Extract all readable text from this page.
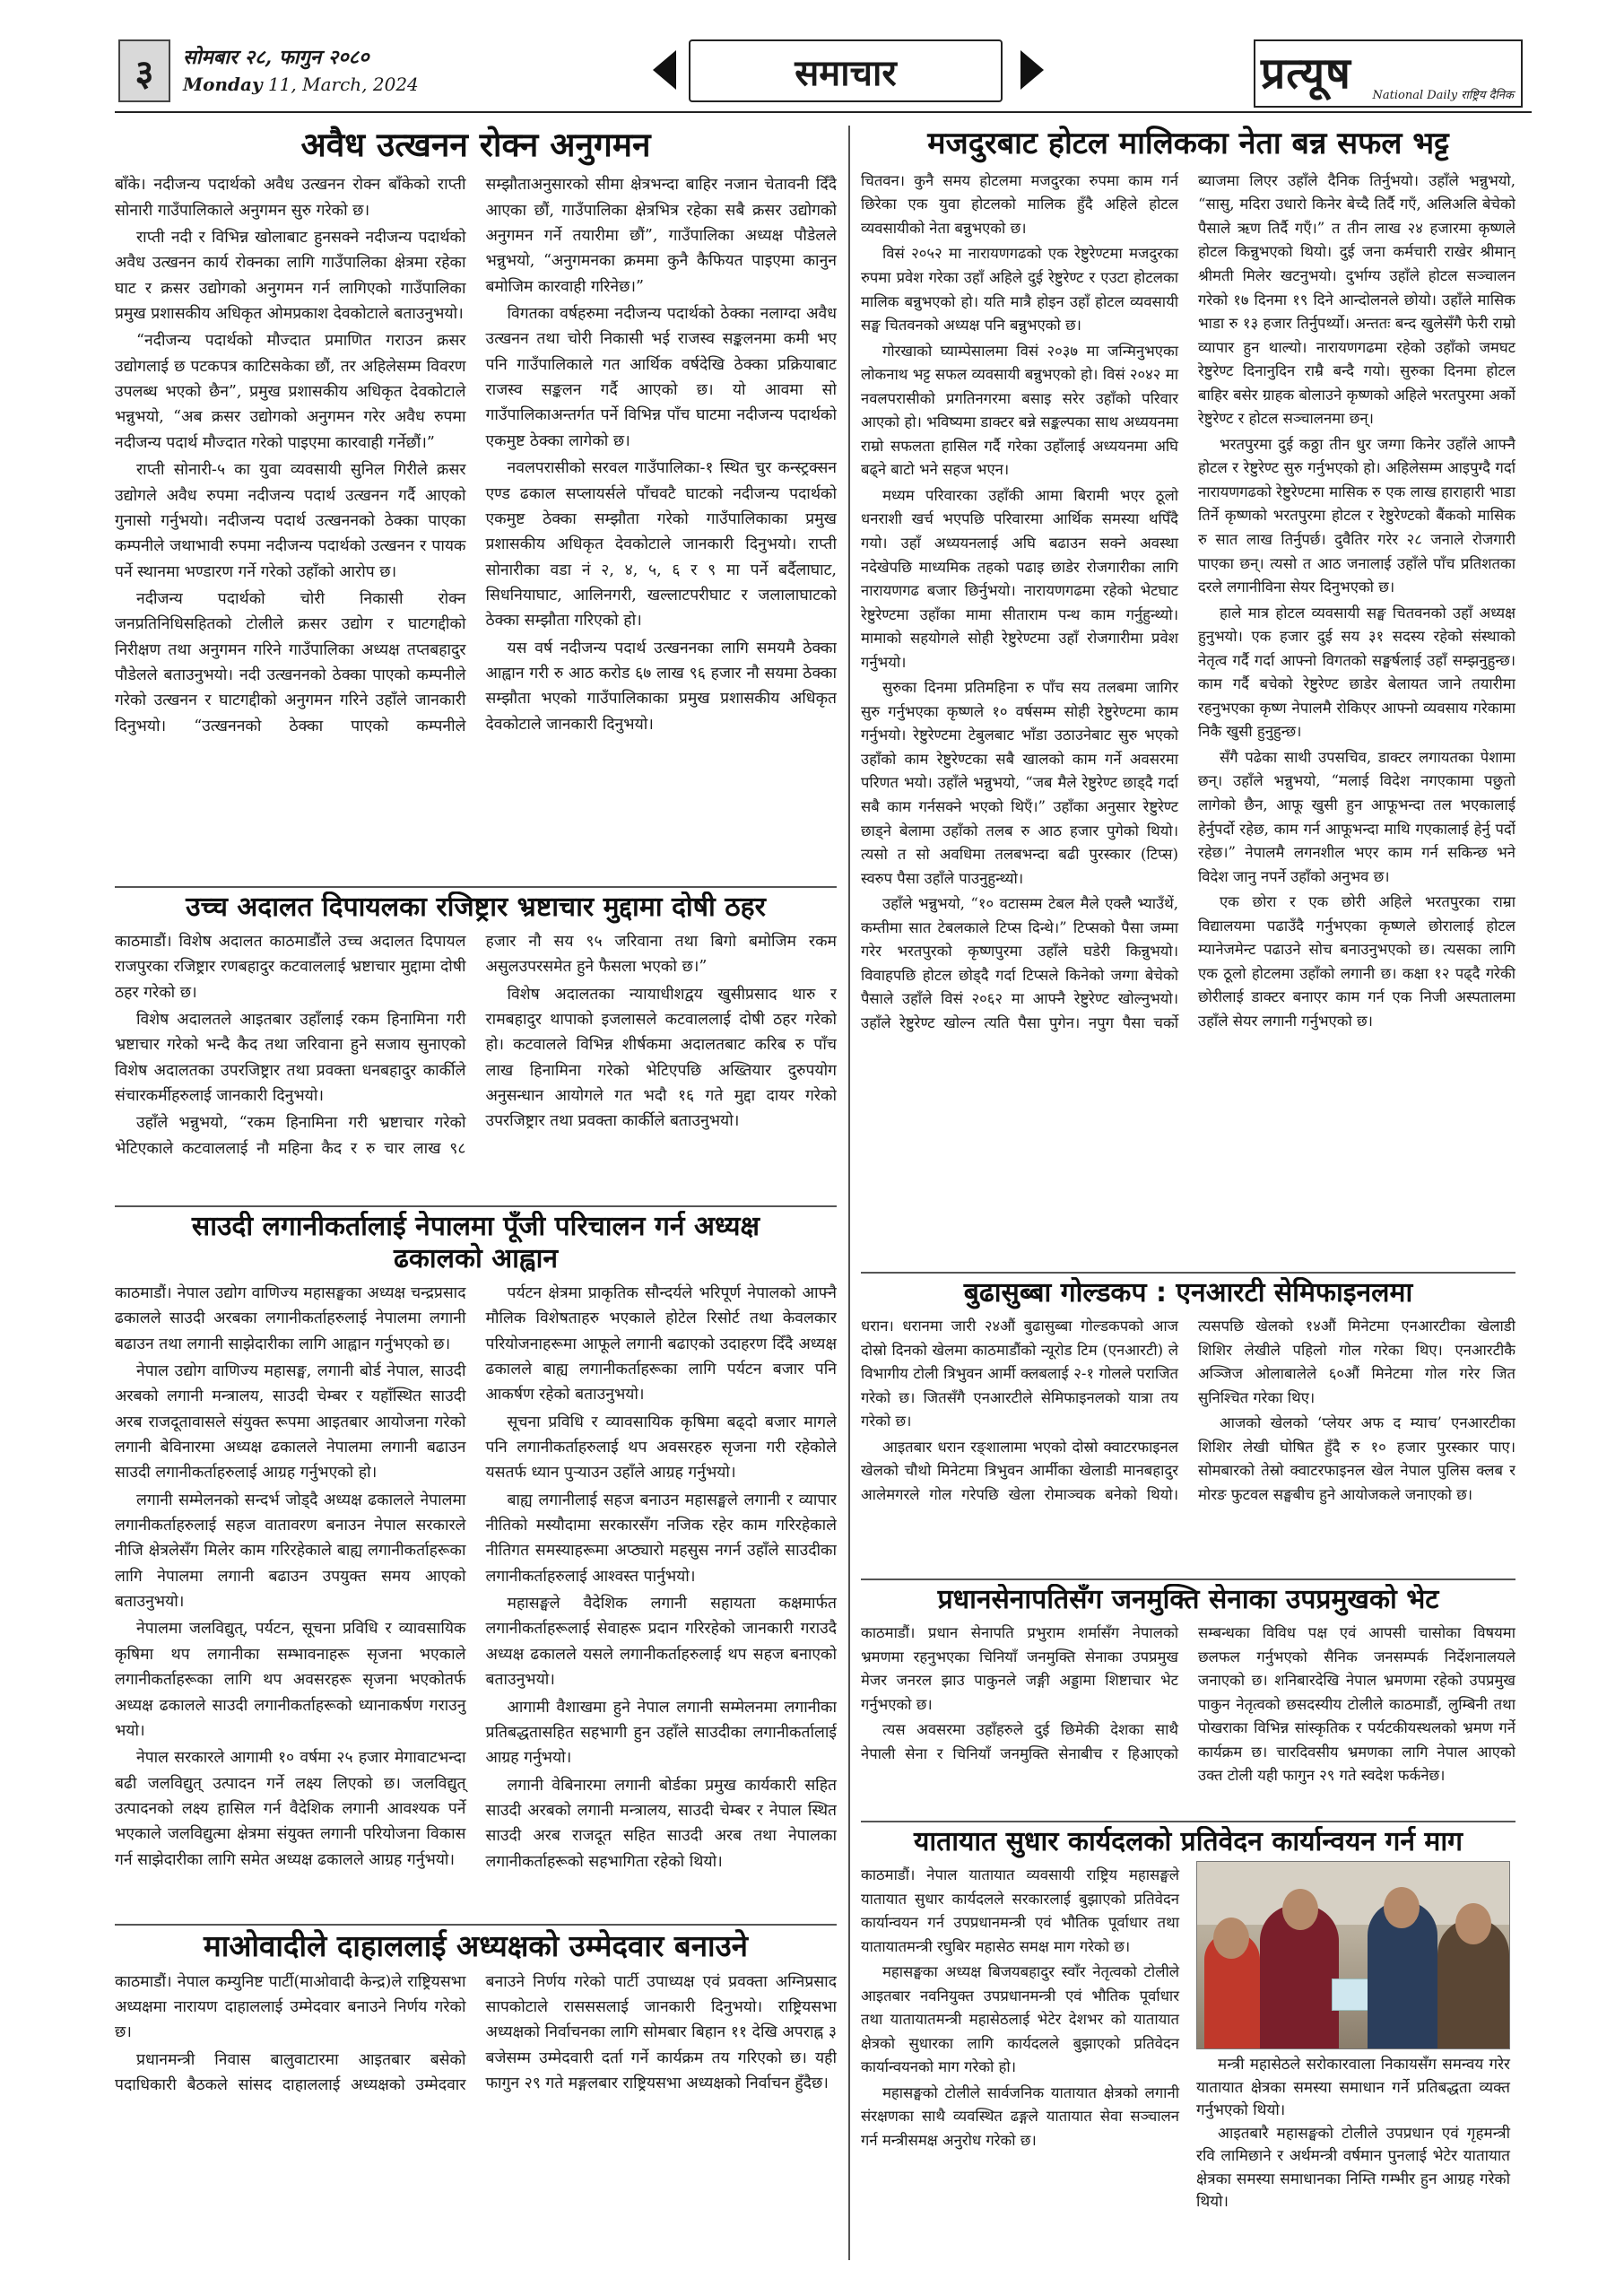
३	सोमबार २८, फागुन २०८०
Monday 11, March, 2024	समाचार	प्रत्यूष National Daily राष्ट्रिय दैनिक
अवैध उत्खनन रोक्न अनुगमन

बाँके। नदीजन्य पदार्थको अवैध उत्खनन रोक्न बाँकेको राप्ती सोनारी गाउँपालिकाले अनुगमन सुरु गरेको छ।

राप्ती नदी र विभिन्न खोलाबाट हुनसक्ने नदीजन्य पदार्थको अवैध उत्खनन कार्य रोक्नका लागि गाउँपालिका क्षेत्रमा रहेका घाट र क्रसर उद्योगको अनुगमन गर्न लागिएको गाउँपालिका प्रमुख प्रशासकीय अधिकृत ओमप्रकाश देवकोटाले बताउनुभयो।

“नदीजन्य पदार्थको मौज्दात प्रमाणित गराउन क्रसर उद्योगलाई छ पटकपत्र काटिसकेका छौं, तर अहिलेसम्म विवरण उपलब्ध भएको छैन”, प्रमुख प्रशासकीय अधिकृत देवकोटाले भन्नुभयो, “अब क्रसर उद्योगको अनुगमन गरेर अवैध रुपमा नदीजन्य पदार्थ मौज्दात गरेको पाइएमा कारवाही गर्नेछौं।”

राप्ती सोनारी-५ का युवा व्यवसायी सुनिल गिरीले क्रसर उद्योगले अवैध रुपमा नदीजन्य पदार्थ उत्खनन गर्दै आएको गुनासो गर्नुभयो। नदीजन्य पदार्थ उत्खननको ठेक्का पाएका कम्पनीले जथाभावी रुपमा नदीजन्य पदार्थको उत्खनन र पायक पर्ने स्थानमा भण्डारण गर्ने गरेको उहाँको आरोप छ।

नदीजन्य पदार्थको चोरी निकासी रोक्न जनप्रतिनिधिसहितको टोलीले क्रसर उद्योग र घाटगद्दीको निरीक्षण तथा अनुगमन गरिने गाउँपालिका अध्यक्ष तप्तबहादुर पौडेलले बताउनुभयो। नदी उत्खननको ठेक्का पाएको कम्पनीले गरेको उत्खनन र घाटगद्दीको अनुगमन गरिने उहाँले जानकारी दिनुभयो। “उत्खननको ठेक्का पाएको कम्पनीले सम्झौताअनुसारको सीमा क्षेत्रभन्दा बाहिर नजान चेतावनी दिँदै आएका छौं, गाउँपालिका क्षेत्रभित्र रहेका सबै क्रसर उद्योगको अनुगमन गर्ने तयारीमा छौं”, गाउँपालिका अध्यक्ष पौडेलले भन्नुभयो, “अनुगमनका क्रममा कुनै कैफियत पाइएमा कानुन बमोजिम कारवाही गरिनेछ।”

विगतका वर्षहरुमा नदीजन्य पदार्थको ठेक्का नलाग्दा अवैध उत्खनन तथा चोरी निकासी भई राजस्व सङ्कलनमा कमी भए पनि गाउँपालिकाले गत आर्थिक वर्षदेखि ठेक्का प्रक्रियाबाट राजस्व सङ्कलन गर्दै आएको छ। यो आवमा सो गाउँपालिकाअन्तर्गत पर्ने विभिन्न पाँच घाटमा नदीजन्य पदार्थको एकमुष्ट ठेक्का लागेको छ।

नवलपरासीको सरवल गाउँपालिका-१ स्थित चुर कन्स्ट्रक्सन एण्ड ढकाल सप्लायर्सले पाँचवटै घाटको नदीजन्य पदार्थको एकमुष्ट ठेक्का सम्झौता गरेको गाउँपालिकाका प्रमुख प्रशासकीय अधिकृत देवकोटाले जानकारी दिनुभयो। राप्ती सोनारीका वडा नं २, ४, ५, ६ र ९ मा पर्ने बर्दैलाघाट, सिधनियाघाट, आलिनगरी, खल्लाटपरीघाट र जलालाघाटको ठेक्का सम्झौता गरिएको हो।

यस वर्ष नदीजन्य पदार्थ उत्खननका लागि समयमै ठेक्का आह्वान गरी रु आठ करोड ६७ लाख ९६ हजार नौ सयमा ठेक्का सम्झौता भएको गाउँपालिकाका प्रमुख प्रशासकीय अधिकृत देवकोटाले जानकारी दिनुभयो।

उच्च अदालत दिपायलका रजिष्ट्रार भ्रष्टाचार मुद्दामा दोषी ठहर

काठमाडौं। विशेष अदालत काठमाडौंले उच्च अदालत दिपायल राजपुरका रजिष्ट्रार रणबहादुर कटवाललाई भ्रष्टाचार मुद्दामा दोषी ठहर गरेको छ।

विशेष अदालतले आइतबार उहाँलाई रकम हिनामिना गरी भ्रष्टाचार गरेको भन्दै कैद तथा जरिवाना हुने सजाय सुनाएको विशेष अदालतका उपरजिष्ट्रार तथा प्रवक्ता धनबहादुर कार्कीले संचारकर्मीहरुलाई जानकारी दिनुभयो।

उहाँले भन्नुभयो, “रकम हिनामिना गरी भ्रष्टाचार गरेको भेटिएकाले कटवाललाई नौ महिना कैद र रु चार लाख ९८ हजार नौ सय ९५ जरिवाना तथा बिगो बमोजिम रकम असुलउपरसमेत हुने फैसला भएको छ।”

विशेष अदालतका न्यायाधीशद्वय खुसीप्रसाद थारु र रामबहादुर थापाको इजलासले कटवाललाई दोषी ठहर गरेको हो। कटवालले विभिन्न शीर्षकमा अदालतबाट करिब रु पाँच लाख हिनामिना गरेको भेटिएपछि अख्तियार दुरुपयोग अनुसन्धान आयोगले गत भदौ १६ गते मुद्दा दायर गरेको उपरजिष्ट्रार तथा प्रवक्ता कार्कीले बताउनुभयो।

साउदी लगानीकर्तालाई नेपालमा पूँजी परिचालन गर्न अध्यक्ष ढकालको आह्वान

काठमाडौं। नेपाल उद्योग वाणिज्य महासङ्घका अध्यक्ष चन्द्रप्रसाद ढकालले साउदी अरबका लगानीकर्ताहरुलाई नेपालमा लगानी बढाउन तथा लगानी साझेदारीका लागि आह्वान गर्नुभएको छ।

नेपाल उद्योग वाणिज्य महासङ्घ, लगानी बोर्ड नेपाल, साउदी अरबको लगानी मन्त्रालय, साउदी चेम्बर र यहाँस्थित साउदी अरब राजदूतावासले संयुक्त रूपमा आइतबार आयोजना गरेको लगानी बेविनारमा अध्यक्ष ढकालले नेपालमा लगानी बढाउन साउदी लगानीकर्ताहरुलाई आग्रह गर्नुभएको हो।

लगानी सम्मेलनको सन्दर्भ जोड्दै अध्यक्ष ढकालले नेपालमा लगानीकर्ताहरुलाई सहज वातावरण बनाउन नेपाल सरकारले नीजि क्षेत्रलेसँग मिलेर काम गरिरहेकाले बाह्य लगानीकर्ताहरूका लागि नेपालमा लगानी बढाउन उपयुक्त समय आएको बताउनुभयो।

नेपालमा जलविद्युत्, पर्यटन, सूचना प्रविधि र व्यावसायिक कृषिमा थप लगानीका सम्भावनाहरू सृजना भएकाले लगानीकर्ताहरूका लागि थप अवसरहरू सृजना भएकोतर्फ अध्यक्ष ढकालले साउदी लगानीकर्ताहरूको ध्यानाकर्षण गराउनु भयो।

नेपाल सरकारले आगामी १० वर्षमा २५ हजार मेगावाटभन्दा बढी जलविद्युत् उत्पादन गर्ने लक्ष्य लिएको छ। जलविद्युत् उत्पादनको लक्ष्य हासिल गर्न वैदेशिक लगानी आवश्यक पर्ने भएकाले जलविद्युत्मा क्षेत्रमा संयुक्त लगानी परियोजना विकास गर्न साझेदारीका लागि समेत अध्यक्ष ढकालले आग्रह गर्नुभयो।

पर्यटन क्षेत्रमा प्राकृतिक सौन्दर्यले भरिपूर्ण नेपालको आफ्नै मौलिक विशेषताहरु भएकाले होटेल रिसोर्ट तथा केवलकार परियोजनाहरूमा आफूले लगानी बढाएको उदाहरण दिँदै अध्यक्ष ढकालले बाह्य लगानीकर्ताहरूका लागि पर्यटन बजार पनि आकर्षण रहेको बताउनुभयो।

सूचना प्रविधि र व्यावसायिक कृषिमा बढ्दो बजार मागले पनि लगानीकर्ताहरुलाई थप अवसरहरु सृजना गरी रहेकोले यसतर्फ ध्यान पुर्‍याउन उहाँले आग्रह गर्नुभयो।

बाह्य लगानीलाई सहज बनाउन महासङ्घले लगानी र व्यापार नीतिको मस्यौदामा सरकारसँग नजिक रहेर काम गरिरहेकाले नीतिगत समस्याहरूमा अप्ठ्यारो महसुस नगर्न उहाँले साउदीका लगानीकर्ताहरुलाई आश्वस्त पार्नुभयो।

महासङ्घले वैदेशिक लगानी सहायता कक्षमार्फत लगानीकर्ताहरूलाई सेवाहरू प्रदान गरिरहेको जानकारी गराउदै अध्यक्ष ढकालले यसले लगानीकर्ताहरुलाई थप सहज बनाएको बताउनुभयो।

आगामी वैशाखमा हुने नेपाल लगानी सम्मेलनमा लगानीका प्रतिबद्धतासहित सहभागी हुन उहाँले साउदीका लगानीकर्तालाई आग्रह गर्नुभयो।

लगानी वेबिनारमा लगानी बोर्डका प्रमुख कार्यकारी सहित साउदी अरबको लगानी मन्त्रालय, साउदी चेम्बर र नेपाल स्थित साउदी अरब राजदूत सहित साउदी अरब तथा नेपालका लगानीकर्ताहरूको सहभागिता रहेको थियो।

माओवादीले दाहाललाई अध्यक्षको उम्मेदवार बनाउने

काठमाडौं। नेपाल कम्युनिष्ट पार्टी(माओवादी केन्द्र)ले राष्ट्रियसभा अध्यक्षमा नारायण दाहाललाई उम्मेदवार बनाउने निर्णय गरेको छ।

प्रधानमन्त्री निवास बालुवाटारमा आइतबार बसेको पदाधिकारी बैठकले सांसद दाहाललाई अध्यक्षको उम्मेदवार बनाउने निर्णय गरेको पार्टी उपाध्यक्ष एवं प्रवक्ता अग्निप्रसाद सापकोटाले रासससलाई जानकारी दिनुभयो। राष्ट्रियसभा अध्यक्षको निर्वाचनका लागि सोमबार बिहान ११ देखि अपराह्न ३ बजेसम्म उम्मेदवारी दर्ता गर्ने कार्यक्रम तय गरिएको छ। यही फागुन २९ गते मङ्गलबार राष्ट्रियसभा अध्यक्षको निर्वाचन हुँदैछ।

मजदुरबाट होटल मालिकका नेता बन्न सफल भट्ट

चितवन। कुनै समय होटलमा मजदुरका रुपमा काम गर्न छिरेका एक युवा होटलको मालिक हुँदै अहिले होटल व्यवसायीको नेता बन्नुभएको छ।

विसं २०५२ मा नारायणगढको एक रेष्टुरेण्टमा मजदुरका रुपमा प्रवेश गरेका उहाँ अहिले दुई रेष्टुरेण्ट र एउटा होटलका मालिक बन्नुभएको हो। यति मात्रै होइन उहाँ होटल व्यवसायी सङ्घ चितवनको अध्यक्ष पनि बन्नुभएको छ।

गोरखाको घ्याम्पेसालमा विसं २०३७ मा जन्मिनुभएका लोकनाथ भट्ट सफल व्यवसायी बन्नुभएको हो। विसं २०४२ मा नवलपरासीको प्रगतिनगरमा बसाइ सरेर उहाँको परिवार आएको हो। भविष्यमा डाक्टर बन्ने सङ्कल्पका साथ अध्ययनमा राम्रो सफलता हासिल गर्दै गरेका उहाँलाई अध्ययनमा अघि बढ्ने बाटो भने सहज भएन।

मध्यम परिवारका उहाँकी आमा बिरामी भएर ठूलो धनराशी खर्च भएपछि परिवारमा आर्थिक समस्या थपिँदै गयो। उहाँ अध्ययनलाई अघि बढाउन सक्ने अवस्था नदेखेपछि माध्यमिक तहको पढाइ छाडेर रोजगारीका लागि नारायणगढ बजार छिर्नुभयो। नारायणगढमा रहेको भेटघाट रेष्टुरेण्टमा उहाँका मामा सीताराम पन्थ काम गर्नुहुन्थ्यो। मामाको सहयोगले सोही रेष्टुरेण्टमा उहाँ रोजगारीमा प्रवेश गर्नुभयो।

सुरुका दिनमा प्रतिमहिना रु पाँच सय तलबमा जागिर सुरु गर्नुभएका कृष्णले १० वर्षसम्म सोही रेष्टुरेण्टमा काम गर्नुभयो। रेष्टुरेण्टमा टेबुलबाट भाँडा उठाउनेबाट सुरु भएको उहाँको काम रेष्टुरेण्टका सबै खालको काम गर्ने अवसरमा परिणत भयो। उहाँले भन्नुभयो, “जब मैले रेष्टुरेण्ट छाड्दै गर्दा सबै काम गर्नसक्ने भएको थिएँ।” उहाँका अनुसार रेष्टुरेण्ट छाड्ने बेलामा उहाँको तलब रु आठ हजार पुगेको थियो। त्यसो त सो अवधिमा तलबभन्दा बढी पुरस्कार (टिप्स) स्वरुप पैसा उहाँले पाउनुहुन्थ्यो।

उहाँले भन्नुभयो, “१० वटासम्म टेबल मैले एक्लै भ्याउँथें, कम्तीमा सात टेबलकाले टिप्स दिन्थे।” टिप्सको पैसा जम्मा गरेर भरतपुरको कृष्णपुरमा उहाँले घडेरी किन्नुभयो। विवाहपछि होटल छोड्दै गर्दा टिप्सले किनेको जग्गा बेचेको पैसाले उहाँले विसं २०६२ मा आफ्नै रेष्टुरेण्ट खोल्नुभयो। उहाँले रेष्टुरेण्ट खोल्न त्यति पैसा पुगेन। नपुग पैसा चर्को ब्याजमा लिएर उहाँले दैनिक तिर्नुभयो। उहाँले भन्नुभयो, “सासु, मदिरा उधारो किनेर बेच्दै तिर्दै गएँ, अलिअलि बेचेको पैसाले ऋण तिर्दै गएँ।” त तीन लाख २४ हजारमा कृष्णले होटल किन्नुभएको थियो। दुई जना कर्मचारी राखेर श्रीमान् श्रीमती मिलेर खटनुभयो। दुर्भाग्य उहाँले होटल सञ्चालन गरेको १७ दिनमा १९ दिने आन्दोलनले छोयो। उहाँले मासिक भाडा रु १३ हजार तिर्नुपर्थ्यो। अन्ततः बन्द खुलेसँगै फेरी राम्रो व्यापार हुन थाल्यो। नारायणगढमा रहेको उहाँको जमघट रेष्टुरेण्ट दिनानुदिन राम्रै बन्दै गयो। सुरुका दिनमा होटल बाहिर बसेर ग्राहक बोलाउने कृष्णको अहिले भरतपुरमा अर्को रेष्टुरेण्ट र होटल सञ्चालनमा छन्।

भरतपुरमा दुई कठ्ठा तीन धुर जग्गा किनेर उहाँले आफ्नै होटल र रेष्टुरेण्ट सुरु गर्नुभएको हो। अहिलेसम्म आइपुग्दै गर्दा नारायणगढको रेष्टुरेण्टमा मासिक रु एक लाख हाराहारी भाडा तिर्ने कृष्णको भरतपुरमा होटल र रेष्टुरेण्टको बैंकको मासिक रु सात लाख तिर्नुपर्छ। दुवैतिर गरेर २८ जनाले रोजगारी पाएका छन्। त्यसो त आठ जनालाई उहाँले पाँच प्रतिशतका दरले लगानीविना सेयर दिनुभएको छ।

हाले मात्र होटल व्यवसायी सङ्घ चितवनको उहाँ अध्यक्ष हुनुभयो। एक हजार दुई सय ३१ सदस्य रहेको संस्थाको नेतृत्व गर्दै गर्दा आफ्नो विगतको सङ्घर्षलाई उहाँ सम्झनुहुन्छ। काम गर्दै बचेको रेष्टुरेण्ट छाडेर बेलायत जाने तयारीमा रहनुभएका कृष्ण नेपालमै रोकिएर आफ्नो व्यवसाय गरेकामा निकै खुसी हुनुहुन्छ।

सँगै पढेका साथी उपसचिव, डाक्टर लगायतका पेशामा छन्। उहाँले भन्नुभयो, “मलाई विदेश नगएकामा पछुतो लागेको छैन, आफू खुसी हुन आफूभन्दा तल भएकालाई हेर्नुपर्दो रहेछ, काम गर्न आफूभन्दा माथि गएकालाई हेर्नु पर्दो रहेछ।” नेपालमै लगनशील भएर काम गर्न सकिन्छ भने विदेश जानु नपर्ने उहाँको अनुभव छ।

एक छोरा र एक छोरी अहिले भरतपुरका राम्रा विद्यालयमा पढाउँदै गर्नुभएका कृष्णले छोरालाई होटल म्यानेजमेन्ट पढाउने सोच बनाउनुभएको छ। त्यसका लागि एक ठूलो होटलमा उहाँको लगानी छ। कक्षा १२ पढ्दै गरेकी छोरीलाई डाक्टर बनाएर काम गर्न एक निजी अस्पतालमा उहाँले सेयर लगानी गर्नुभएको छ।

बुढासुब्बा गोल्डकप : एनआरटी सेमिफाइनलमा

धरान। धरानमा जारी २४औं बुढासुब्बा गोल्डकपको आज दोस्रो दिनको खेलमा काठमाडौंको न्यूरोड टिम (एनआरटी) ले विभागीय टोली त्रिभुवन आर्मी क्लबलाई २-१ गोलले पराजित गरेको छ। जितसँगै एनआरटीले सेमिफाइनलको यात्रा तय गरेको छ।

आइतबार धरान रङ्शालामा भएको दोस्रो क्वाटरफाइनल खेलको चौथो मिनेटमा त्रिभुवन आर्मीका खेलाडी मानबहादुर आलेमगरले गोल गरेपछि खेला रोमाञ्चक बनेको थियो। त्यसपछि खेलको १४औं मिनेटमा एनआरटीका खेलाडी शिशिर लेखीले पहिलो गोल गरेका थिए। एनआरटीकै अञ्जिज ओलाबालेले ६०औं मिनेटमा गोल गरेर जित सुनिश्चित गरेका थिए।

आजको खेलको ‘प्लेयर अफ द म्याच’ एनआरटीका शिशिर लेखी घोषित हुँदै रु १० हजार पुरस्कार पाए। सोमबारको तेस्रो क्वाटरफाइनल खेल नेपाल पुलिस क्लब र मोरङ फुटवल सङ्घबीच हुने आयोजकले जनाएको छ।

प्रधानसेनापतिसँग जनमुक्ति सेनाका उपप्रमुखको भेट

काठमाडौं। प्रधान सेनापति प्रभुराम शर्मासँग नेपालको भ्रमणमा रहनुभएका चिनियाँ जनमुक्ति सेनाका उपप्रमुख मेजर जनरल झाउ पाकुनले जङ्गी अड्डामा शिष्टाचार भेट गर्नुभएको छ।

त्यस अवसरमा उहाँहरुले दुई छिमेकी देशका साथै नेपाली सेना र चिनियाँ जनमुक्ति सेनाबीच र हिआएको सम्बन्धका विविध पक्ष एवं आपसी चासोका विषयमा छलफल गर्नुभएको सैनिक जनसम्पर्क निर्देशनालयले जनाएको छ। शनिबारदेखि नेपाल भ्रमणमा रहेको उपप्रमुख पाकुन नेतृत्वको छसदस्यीय टोलीले काठमाडौं, लुम्बिनी तथा पोखराका विभिन्न सांस्कृतिक र पर्यटकीयस्थलको भ्रमण गर्ने कार्यक्रम छ। चारदिवसीय भ्रमणका लागि नेपाल आएको उक्त टोली यही फागुन २९ गते स्वदेश फर्कनेछ।

यातायात सुधार कार्यदलको प्रतिवेदन कार्यान्वयन गर्न माग

काठमाडौं। नेपाल यातायात व्यवसायी राष्ट्रिय महासङ्घले यातायात सुधार कार्यदलले सरकारलाई बुझाएको प्रतिवेदन कार्यान्वयन गर्न उपप्रधानमन्त्री एवं भौतिक पूर्वाधार तथा यातायातमन्त्री रघुबिर महासेठ समक्ष माग गरेको छ।

महासङ्घका अध्यक्ष बिजयबहादुर स्वाँर नेतृत्वको टोलीले आइतबार नवनियुक्त उपप्रधानमन्त्री एवं भौतिक पूर्वाधार तथा यातायातमन्त्री महासेठलाई भेटेर देशभर को यातायात क्षेत्रको सुधारका लागि कार्यदलले बुझाएको प्रतिवेदन कार्यान्वयनको माग गरेको हो।

महासङ्घको टोलीले सार्वजनिक यातायात क्षेत्रको लगानी संरक्षणका साथै व्यवस्थित ढङ्गले यातायात सेवा सञ्चालन गर्न मन्त्रीसमक्ष अनुरोध गरेको छ।

मन्त्री महासेठले सरोकारवाला निकायसँग समन्वय गरेर यातायात क्षेत्रका समस्या समाधान गर्ने प्रतिबद्धता व्यक्त गर्नुभएको थियो।

आइतबारै महासङ्घको टोलीले उपप्रधान एवं गृहमन्त्री रवि लामिछाने र अर्थमन्त्री वर्षमान पुनलाई भेटेर यातायात क्षेत्रका समस्या समाधानका निम्ति गम्भीर हुन आग्रह गरेको थियो।
